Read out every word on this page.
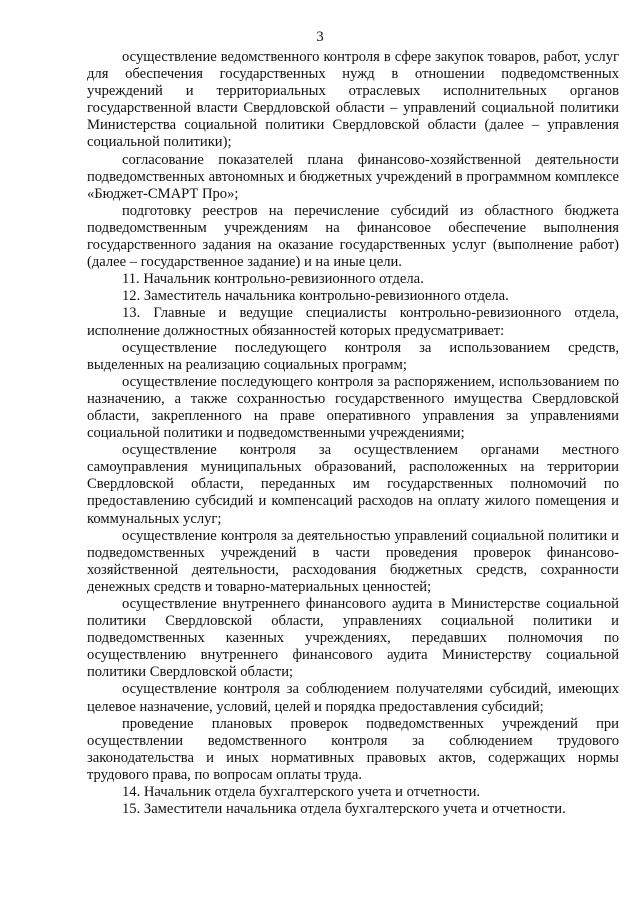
3

осуществление ведомственного контроля в сфере закупок товаров, работ, услуг для обеспечения государственных нужд в отношении подведомственных учреждений и территориальных отраслевых исполнительных органов государственной власти Свердловской области – управлений социальной политики Министерства социальной политики Свердловской области (далее – управления социальной политики);

согласование показателей плана финансово-хозяйственной деятельности подведомственных автономных и бюджетных учреждений в программном комплексе «Бюджет-СМАРТ Про»;

подготовку реестров на перечисление субсидий из областного бюджета подведомственным учреждениям на финансовое обеспечение выполнения государственного задания на оказание государственных услуг (выполнение работ) (далее – государственное задание) и на иные цели.

11. Начальник контрольно-ревизионного отдела.

12. Заместитель начальника контрольно-ревизионного отдела.

13. Главные и ведущие специалисты контрольно-ревизионного отдела, исполнение должностных обязанностей которых предусматривает:

осуществление последующего контроля за использованием средств, выделенных на реализацию социальных программ;

осуществление последующего контроля за распоряжением, использованием по назначению, а также сохранностью государственного имущества Свердловской области, закрепленного на праве оперативного управления за управлениями социальной политики и подведомственными учреждениями;

осуществление контроля за осуществлением органами местного самоуправления муниципальных образований, расположенных на территории Свердловской области, переданных им государственных полномочий по предоставлению субсидий и компенсаций расходов на оплату жилого помещения и коммунальных услуг;

осуществление контроля за деятельностью управлений социальной политики и подведомственных учреждений в части проведения проверок финансово-хозяйственной деятельности, расходования бюджетных средств, сохранности денежных средств и товарно-материальных ценностей;

осуществление внутреннего финансового аудита в Министерстве социальной политики Свердловской области, управлениях социальной политики и подведомственных казенных учреждениях, передавших полномочия по осуществлению внутреннего финансового аудита Министерству социальной политики Свердловской области;

осуществление контроля за соблюдением получателями субсидий, имеющих целевое назначение, условий, целей и порядка предоставления субсидий;

проведение плановых проверок подведомственных учреждений при осуществлении ведомственного контроля за соблюдением трудового законодательства и иных нормативных правовых актов, содержащих нормы трудового права, по вопросам оплаты труда.

14. Начальник отдела бухгалтерского учета и отчетности.

15. Заместители начальника отдела бухгалтерского учета и отчетности.
